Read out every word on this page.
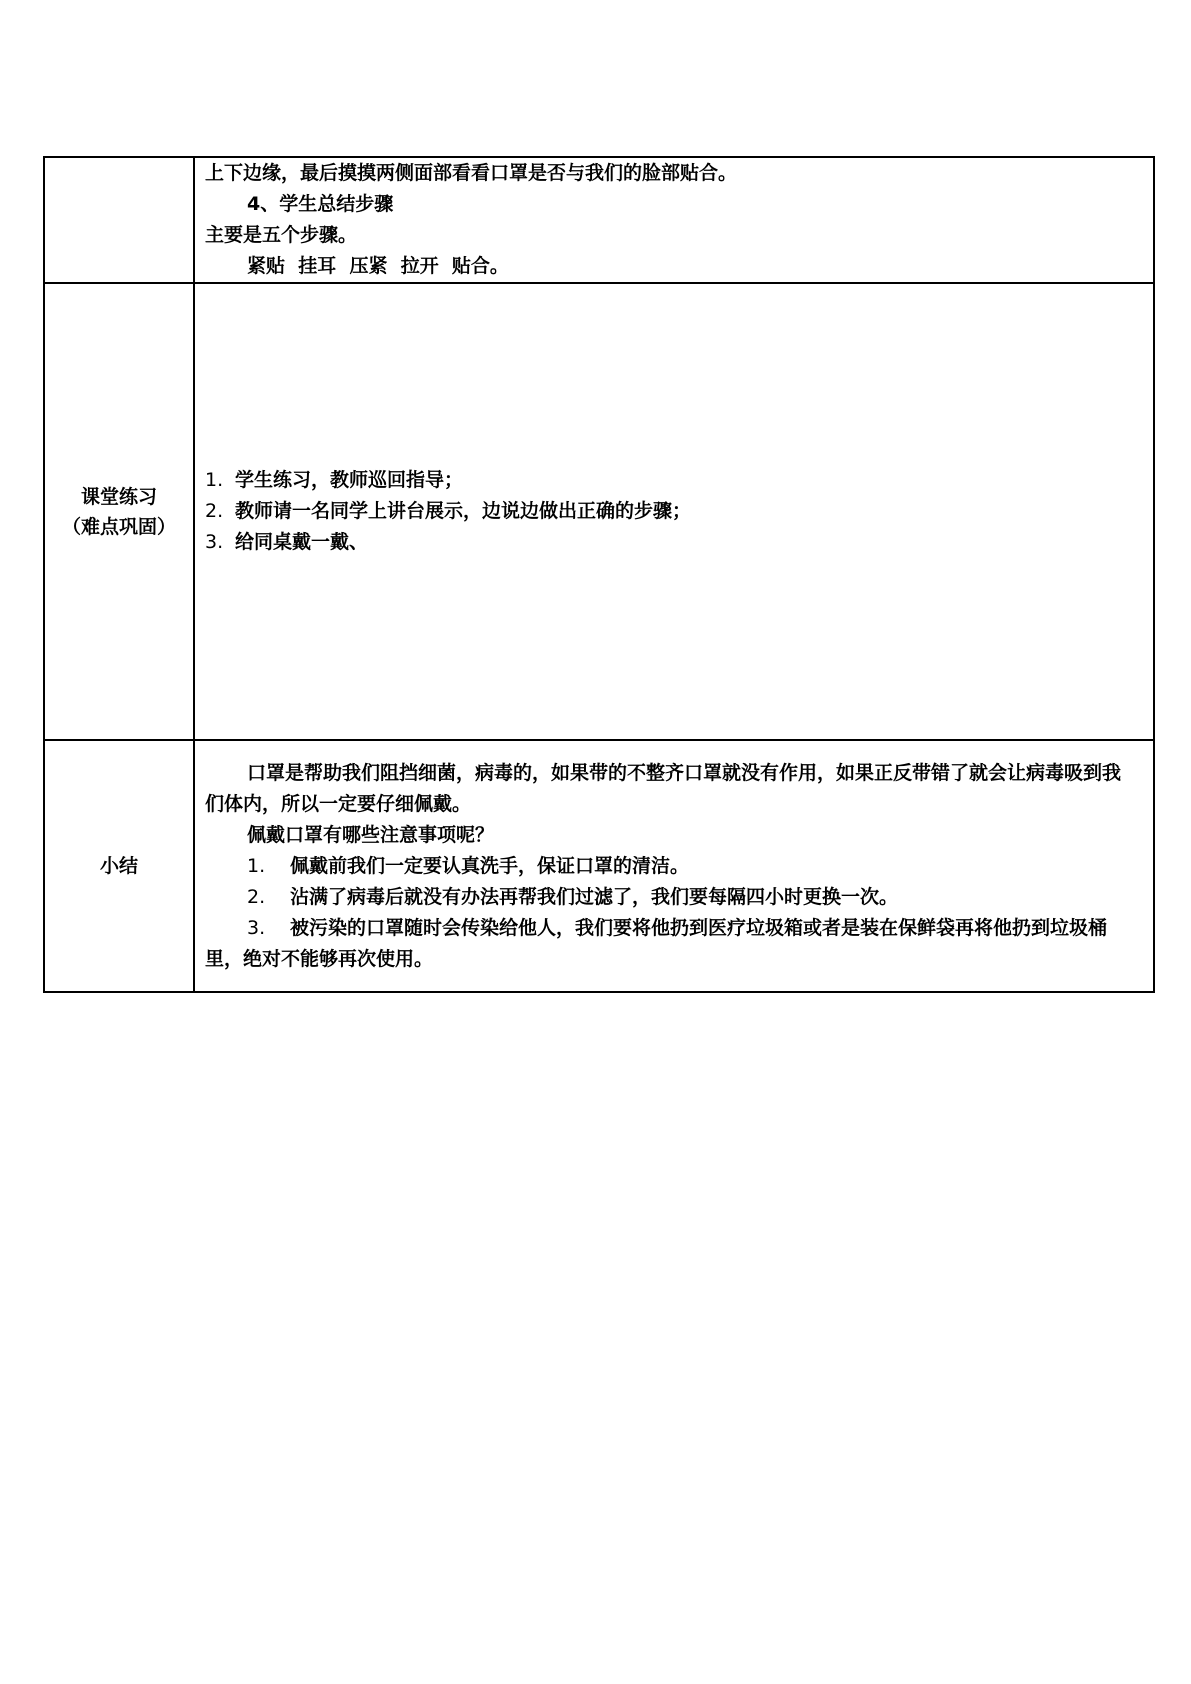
	上下边缘，最后摸摸两侧面部看看口罩是否与我们的脸部贴合。
4、学生总结步骤
主要是五个步骤。
紧贴  挂耳  压紧  拉开  贴合。

课堂练习
（难点巩固）	1. 学生练习，教师巡回指导；
2. 教师请一名同学上讲台展示，边说边做出正确的步骤；
3. 给同桌戴一戴、

小结	口罩是帮助我们阻挡细菌，病毒的，如果带的不整齐口罩就没有作用，如果正反带错了就会让病毒吸到我们体内，所以一定要仔细佩戴。
佩戴口罩有哪些注意事项呢？
1. 佩戴前我们一定要认真洗手，保证口罩的清洁。
2. 沾满了病毒后就没有办法再帮我们过滤了，我们要每隔四小时更换一次。
3. 被污染的口罩随时会传染给他人，我们要将他扔到医疗垃圾箱或者是装在保鲜袋再将他扔到垃圾桶里，绝对不能够再次使用。
